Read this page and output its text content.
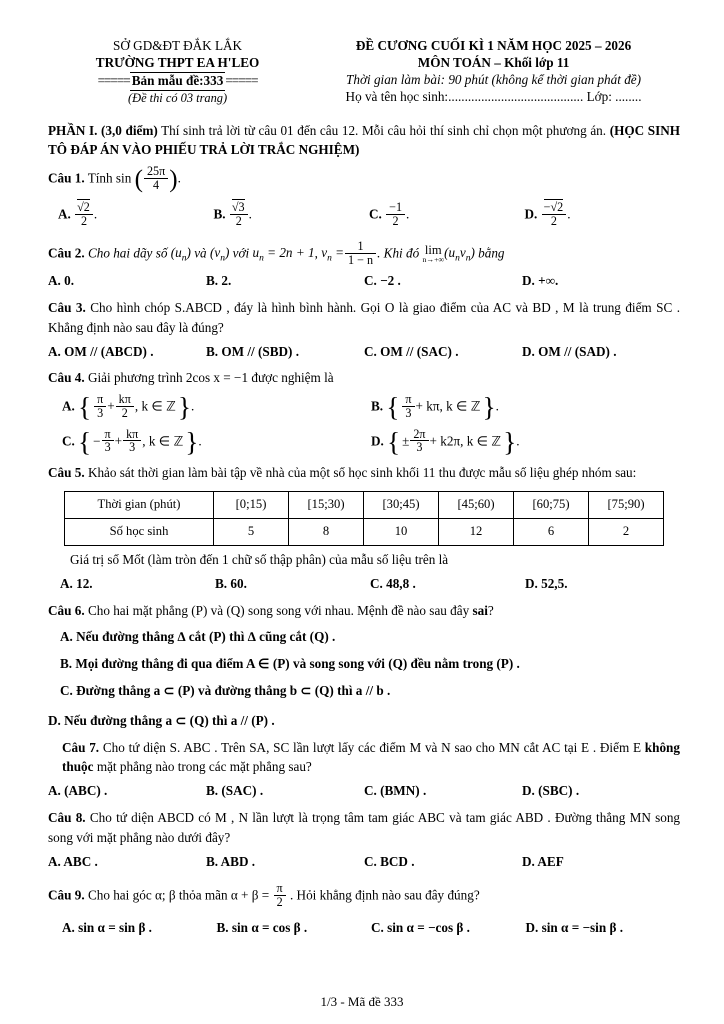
SỞ GD&ĐT ĐẮK LẮK
TRƯỜNG THPT EA H'LEO
===== Bản mẫu đề:333 =====
(Đề thi có 03 trang)
ĐỀ CƯƠNG CUỐI KÌ 1 NĂM HỌC 2025 – 2026
MÔN TOÁN – Khối lớp 11
Thời gian làm bài: 90 phút (không kể thời gian phát đề)
Họ và tên học sinh:......................................... Lớp: ........
PHẦN I. (3,0 điểm) Thí sinh trả lời từ câu 01 đến câu 12. Mỗi câu hỏi thí sinh chỉ chọn một phương án. (HỌC SINH TÔ ĐÁP ÁN VÀO PHIẾU TRẢ LỜI TRẮC NGHIỆM)
Câu 1. Tính sin ( $\frac{25\pi}{4}$ ).
A. $\frac{√2}{2}$ .	B. $\frac{√3}{2}$ .	C. $\frac{-1}{2}$ .	D. $\frac{-√2}{2}$ .
Câu 2. Cho hai dãy số $(u_n)$ và $(v_n)$ với $u_n = 2n + 1$, $v_n = \frac{1}{1 - n}$ . Khi đó lim
n→+∞ $(u_nv_n)$ bằng
A. 0.	B. 2.	C. −2 .	D. +∞.
Câu 3. Cho hình chóp S.ABCD , đáy là hình bình hành. Gọi O là giao điểm của AC và BD , M là trung điểm SC . Khẳng định nào sau đây là đúng?
A. OM // (ABCD) .	B. OM // (SBD) .	C. OM // (SAC) .	D. OM // (SAD) .
Câu 4. Giải phương trình 2cos x = −1 được nghiệm là
A. { $\frac{\pi}{3} + \frac{k\pi}{2}$ , k ∈ ℤ } .	B. { $\frac{\pi}{3} + k\pi$, k ∈ ℤ } .
C. { − $\frac{\pi}{3} + \frac{k\pi}{3}$ , k ∈ ℤ } .	D. { ± $\frac{2\pi}{3} + k2\pi$, k ∈ ℤ } .
Câu 5. Khảo sát thời gian làm bài tập về nhà của một số học sinh khối 11 thu được mẫu số liệu ghép nhóm sau:
Thời gian (phút)	[0;15)	[15;30)	[30;45)	[45;60)	[60;75)	[75;90)
Số học sinh	5	8	10	12	6	2
Giá trị số Mốt (làm tròn đến 1 chữ số thập phân) của mẫu số liệu trên là
A. 12.	B. 60.	C. 48,8 .	D. 52,5.
Câu 6. Cho hai mặt phẳng (P) và (Q) song song với nhau. Mệnh đề nào sau đây sai?
A. Nếu đường thẳng ∆ cắt (P) thì ∆ cũng cắt (Q) .
B. Mọi đường thẳng đi qua điểm A ∈ (P) và song song với (Q) đều nằm trong (P) .
C. Đường thẳng a ⊂ (P) và đường thẳng b ⊂ (Q) thì a // b .
D. Nếu đường thẳng a ⊂ (Q) thì a // (P) .
Câu 7. Cho tứ diện S. ABC . Trên SA, SC lần lượt lấy các điểm M và N sao cho MN cắt AC tại E . Điểm E không thuộc mặt phẳng nào trong các mặt phẳng sau?
A. (ABC) .	B. (SAC) .	C. (BMN) .	D. (SBC) .
Câu 8. Cho tứ diện ABCD có M , N lần lượt là trọng tâm tam giác ABC và tam giác ABD . Đường thẳng MN song song với mặt phẳng nào dưới đây?
A. ABC .	B. ABD .	C. BCD .	D. AEF
Câu 9. Cho hai góc α; β thỏa mãn $\alpha + \beta = \frac{\pi}{2}$ . Hỏi khẳng định nào sau đây đúng?
A. sin α = sin β .	B. sin α = cos β .	C. sin α = −cos β .	D. sin α = −sin β .
1/3 - Mã đề 333
